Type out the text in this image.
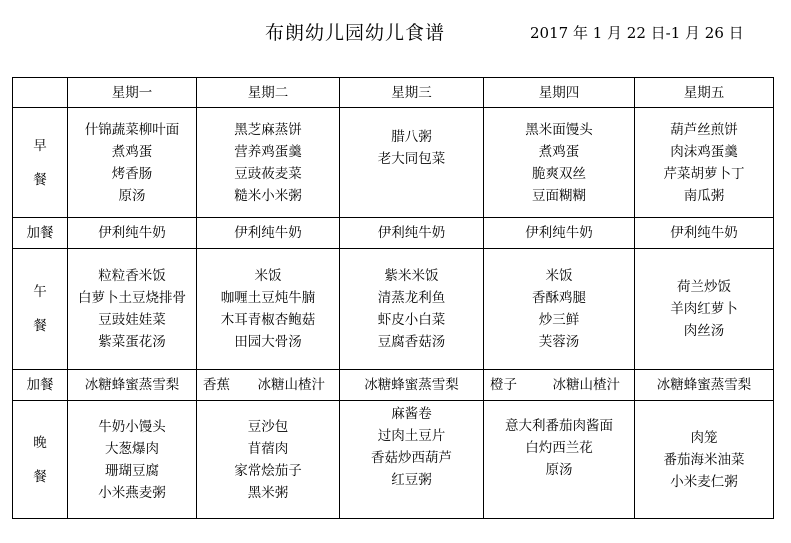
布朗幼儿园幼儿食谱	2017 年 1 月 22 日-1 月 26 日
	星期一	星期二	星期三	星期四	星期五
早餐	什锦蔬菜柳叶面
煮鸡蛋
烤香肠
原汤	黑芝麻蒸饼
营养鸡蛋羹
豆豉莜麦菜
糙米小米粥	腊八粥
老大同包菜	黑米面馒头
煮鸡蛋
脆爽双丝
豆面糊糊	葫芦丝煎饼
肉沫鸡蛋羹
芹菜胡萝卜丁
南瓜粥

加餐	伊利纯牛奶	伊利纯牛奶	伊利纯牛奶	伊利纯牛奶	伊利纯牛奶
午餐	粒粒香米饭
白萝卜土豆烧排骨
豆豉娃娃菜
紫菜蛋花汤	米饭
咖喱土豆炖牛腩
木耳青椒杏鲍菇
田园大骨汤	紫米米饭
清蒸龙利鱼
虾皮小白菜
豆腐香菇汤	米饭
香酥鸡腿
炒三鲜
芙蓉汤	荷兰炒饭
羊肉红萝卜
肉丝汤

加餐	冰糖蜂蜜蒸雪梨	香蕉 冰糖山楂汁	冰糖蜂蜜蒸雪梨	橙子 冰糖山楂汁	冰糖蜂蜜蒸雪梨
晚餐	牛奶小馒头
大葱爆肉
珊瑚豆腐
小米燕麦粥	豆沙包
苜蓿肉
家常烩茄子
黑米粥	麻酱卷
过肉土豆片
香菇炒西葫芦
红豆粥	意大利番茄肉酱面
白灼西兰花
原汤	肉笼
番茄海米油菜
小米麦仁粥
